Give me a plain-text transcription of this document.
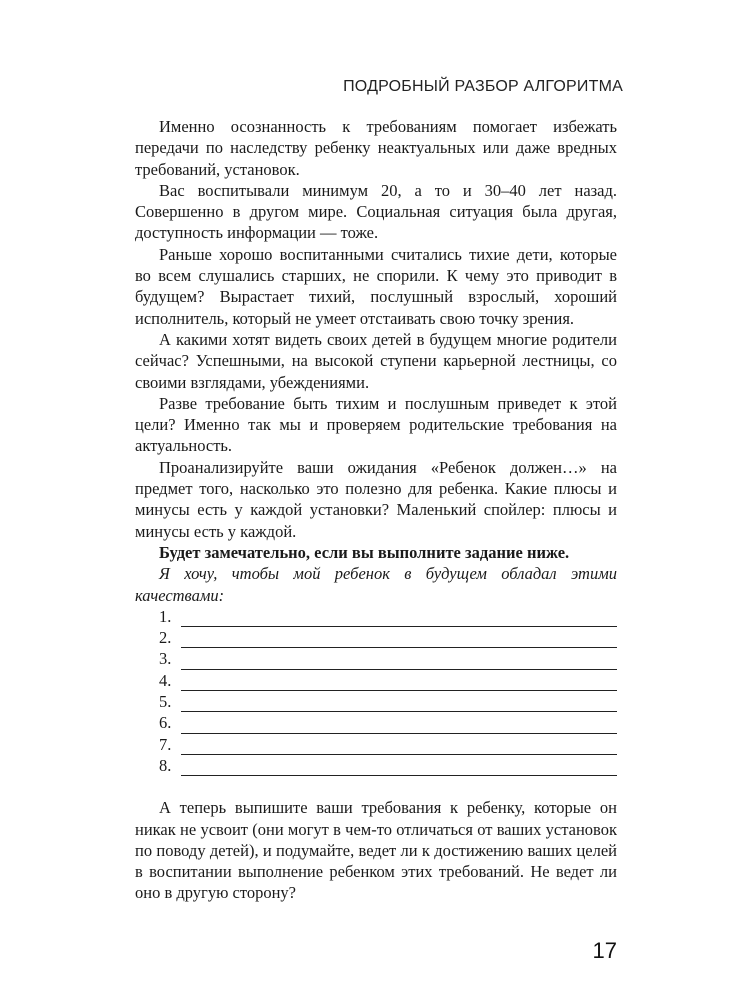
ПОДРОБНЫЙ РАЗБОР АЛГОРИТМА

Именно осознанность к требованиям помогает избежать передачи по наследству ребенку неактуальных или даже вредных требований, установок.

Вас воспитывали минимум 20, а то и 30–40 лет назад. Совершенно в другом мире. Социальная ситуация была другая, доступность информации — тоже.

Раньше хорошо воспитанными считались тихие дети, которые во всем слушались старших, не спорили. К чему это приводит в будущем? Вырастает тихий, послушный взрослый, хороший исполнитель, который не умеет отстаивать свою точку зрения.

А какими хотят видеть своих детей в будущем многие родители сейчас? Успешными, на высокой ступени карьерной лестницы, со своими взглядами, убеждениями.

Разве требование быть тихим и послушным приведет к этой цели? Именно так мы и проверяем родительские требования на актуальность.

Проанализируйте ваши ожидания «Ребенок должен…» на предмет того, насколько это полезно для ребенка. Какие плюсы и минусы есть у каждой установки? Маленький спойлер: плюсы и минусы есть у каждой.

Будет замечательно, если вы выполните задание ниже.

Я хочу, чтобы мой ребенок в будущем обладал этими качествами:

1.
2.
3.
4.
5.
6.
7.
8.

А теперь выпишите ваши требования к ребенку, которые он никак не усвоит (они могут в чем-то отличаться от ваших установок по поводу детей), и подумайте, ведет ли к достижению ваших целей в воспитании выполнение ребенком этих требований. Не ведет ли оно в другую сторону?

17
